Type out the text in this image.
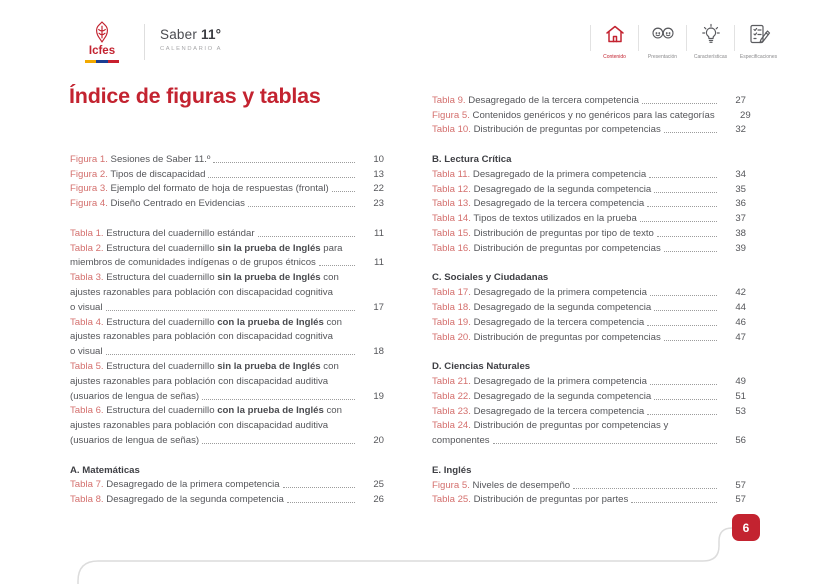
Icfes
Saber 11°
CALENDARIO A
Contenido	Presentación	Características	Especificaciones
Índice de figuras y tablas
Figura 1. Sesiones de Saber 11.º	10
Figura 2. Tipos de discapacidad	13
Figura 3. Ejemplo del formato de hoja de respuestas (frontal)	22
Figura 4. Diseño Centrado en Evidencias	23
Tabla 1. Estructura del cuadernillo estándar	11
Tabla 2. Estructura del cuadernillo sin la prueba de Inglés para
miembros de comunidades indígenas o de grupos étnicos	11
Tabla 3. Estructura del cuadernillo sin la prueba de Inglés con
ajustes razonables para población con discapacidad cognitiva
o visual	17
Tabla 4. Estructura del cuadernillo con la prueba de Inglés con
ajustes razonables para población con discapacidad cognitiva
o visual	18
Tabla 5. Estructura del cuadernillo sin la prueba de Inglés con
ajustes razonables para población con discapacidad auditiva
(usuarios de lengua de señas)	19
Tabla 6. Estructura del cuadernillo con la prueba de Inglés con
ajustes razonables para población con discapacidad auditiva
(usuarios de lengua de señas)	20
A. Matemáticas
Tabla 7. Desagregado de la primera competencia	25
Tabla 8. Desagregado de la segunda competencia	26
Tabla 9. Desagregado de la tercera competencia	27
Figura 5. Contenidos genéricos y no genéricos para las categorías	29
Tabla 10. Distribución de preguntas por competencias	32
B. Lectura Crítica
Tabla 11. Desagregado de la primera competencia	34
Tabla 12. Desagregado de la segunda competencia	35
Tabla 13. Desagregado de la tercera competencia	36
Tabla 14. Tipos de textos utilizados en la prueba	37
Tabla 15. Distribución de preguntas por tipo de texto	38
Tabla 16. Distribución de preguntas por competencias	39
C. Sociales y Ciudadanas
Tabla 17. Desagregado de la primera competencia	42
Tabla 18. Desagregado de la segunda competencia	44
Tabla 19. Desagregado de la tercera competencia	46
Tabla 20. Distribución de preguntas por competencias	47
D. Ciencias Naturales
Tabla 21. Desagregado de la primera competencia	49
Tabla 22. Desagregado de la segunda competencia	51
Tabla 23. Desagregado de la tercera competencia	53
Tabla 24. Distribución de preguntas por competencias y
componentes	56
E. Inglés
Figura 5. Niveles de desempeño	57
Tabla 25. Distribución de preguntas por partes	57
6
